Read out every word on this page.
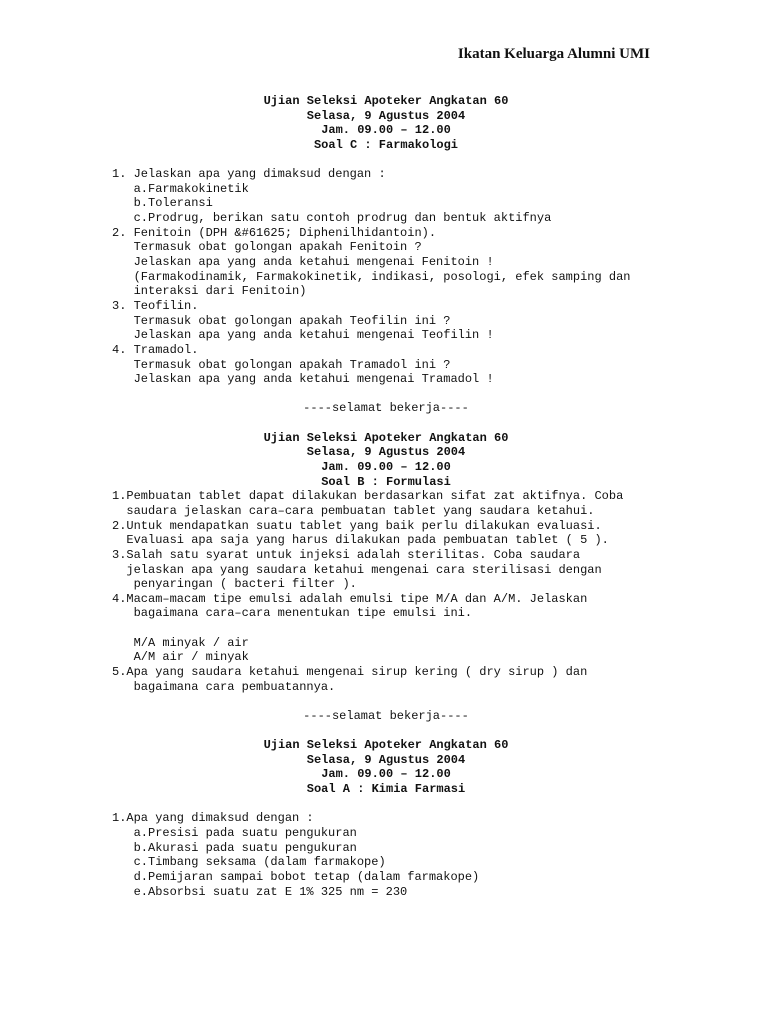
Ikatan Keluarga Alumni UMI
Ujian Seleksi Apoteker Angkatan 60
Selasa, 9 Agustus 2004
Jam. 09.00 – 12.00
Soal C : Farmakologi
1. Jelaskan apa yang dimaksud dengan :
a.Farmakokinetik
b.Toleransi
c.Prodrug, berikan satu contoh prodrug dan bentuk aktifnya
2. Fenitoin (DPH &#61625; Diphenilhidantoin).
Termasuk obat golongan apakah Fenitoin ?
Jelaskan apa yang anda ketahui mengenai Fenitoin !
(Farmakodinamik, Farmakokinetik, indikasi, posologi, efek samping dan
interaksi dari Fenitoin)
3. Teofilin.
Termasuk obat golongan apakah Teofilin ini ?
Jelaskan apa yang anda ketahui mengenai Teofilin !
4. Tramadol.
Termasuk obat golongan apakah Tramadol ini ?
Jelaskan apa yang anda ketahui mengenai Tramadol !
----selamat bekerja----
Ujian Seleksi Apoteker Angkatan 60
Selasa, 9 Agustus 2004
Jam. 09.00 – 12.00
Soal B : Formulasi
1.Pembuatan tablet dapat dilakukan berdasarkan sifat zat aktifnya. Coba
saudara jelaskan cara–cara pembuatan tablet yang saudara ketahui.
2.Untuk mendapatkan suatu tablet yang baik perlu dilakukan evaluasi.
Evaluasi apa saja yang harus dilakukan pada pembuatan tablet ( 5 ).
3.Salah satu syarat untuk injeksi adalah sterilitas. Coba saudara
jelaskan apa yang saudara ketahui mengenai cara sterilisasi dengan
penyaringan ( bacteri filter ).
4.Macam–macam tipe emulsi adalah emulsi tipe M/A dan A/M. Jelaskan
bagaimana cara–cara menentukan tipe emulsi ini.
M/A minyak / air
A/M air / minyak
5.Apa yang saudara ketahui mengenai sirup kering ( dry sirup ) dan
bagaimana cara pembuatannya.
----selamat bekerja----
Ujian Seleksi Apoteker Angkatan 60
Selasa, 9 Agustus 2004
Jam. 09.00 – 12.00
Soal A : Kimia Farmasi
1.Apa yang dimaksud dengan :
a.Presisi pada suatu pengukuran
b.Akurasi pada suatu pengukuran
c.Timbang seksama (dalam farmakope)
d.Pemijaran sampai bobot tetap (dalam farmakope)
e.Absorbsi suatu zat E 1% 325 nm = 230
